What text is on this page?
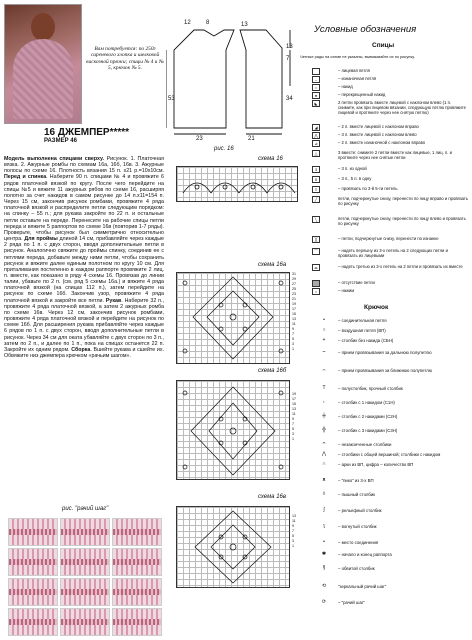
Вам потребуется: по 250г сиреневого хлопка и шелковой вискозной пряжи; спицы № 4 и № 5, крючок № 5.
16 ДЖЕМПЕР*****
РАЗМЕР 46
Модель выполнена спицами сверху. Рисунок. 1. Платочная вязка. 2. Ажурные ромбы по схемам 16а, 16б, 16в. 3. Ажурные полосы по схеме 16. Плотность вязания 15 п. х21 р.=10х10см. Перед и спинка. Наберите 90 п. спицами № 4 и провяжите 6 рядов платочной вязкой по кругу. После чего перейдите на спицы №5 и вяжите 11 ажурных рябов по схеме 16, расширяя полотно за счет накидов в самом рисунке до 14 п.х11=154 п. Через 15 см, закончив рисунок ромбами, провяжите 4 ряда платочной вязкой и распределите петли следующим порядком: на спинку – 55 п.; для рукава закройте по 22 п. и остальные петли оставьте на переде. Перенесите на рабочие спицы петли переда и вяжите 5 раппортов по схеме 16в (повторив 1-7 ряды). Проверьте, чтобы рисунок был симметрично относительно центра. Для проймы длиной 14 см, прибавляйте через каждые 2 ряда по 1 п. с двух сторон, вводя дополнительные петли в рисунок. Аналогично свяжите до проймы спинку, соединив ее с петлями переда, добавьте между ними петли, чтобы сохранить рисунок и вяжите далее единым полотном по кругу 10 см. Для приталивания постепенно в каждом раппорте провяжите 2 лиц. п. вместе, как показано в ряду 4 схемы 16. Провязав до линии талии, убавьте по 2 п. (см. ряд 5 схемы 16а.) и вяжите 4 ряда платочной вязкой (на спицах 112 п.), затем перейдите на рисунок по схеме 16б. Закончив узор, провяжите 4 ряда платочной вязкой и закройте все петли. Рукав. Наберите 32 п., провяжите 4 ряда платочной вязкой, а затем 2 ажурных ромба по схеме 16в. Через 12 см, закончив рисунок ромбами, провяжите 4 ряда платочной вязкой и перейдите на рисунок по схеме 16б. Для расширения рукава прибавляйте через каждые 6 рядов по 1 п. с двух сторон, вводя дополнительные петли в рисунок. Через 34 см для оката убавляйте с двух сторон по 3 п., затем по 2 п., и далее по 1 п., пока на спицах останется 22 п. Закройте их одним рядом. Сборка. Вшейте рукава и сшейте их. Обвяжите низ джемпера крючком «рачьим шагом».
рис. "рачий шаг"
12	8	13
13
7
34
53
23	21
рис. 16
схема 16
схема 16а
31
29
27
25
23
21
19
17
15
13
11
9
7
5
3
1
схема 16б
19
17
15
13
11
9
7
5
3
1
схема 16в
13
11
9
7
5
3
1
Условные обозначения
Спицы
Четные ряды на схеме не указаны, вывязывайте их по рисунку.
– лицевая петля
–	– изнаночная петля
○	– накид
ᴥ	– перекрещенный накид
◣	2 петли провязать вместе лицевой с наклоном влево (1 п. снимите, как при лицевом вязании, следующую петлю провяжите лицевой и протяните через нее снятую петлю)
◢	– 2 п. вместе лицевой с наклоном вправо
⋀	– 3 п. вместе лицевой с наклоном влево
⊿	– 2 п. вместе изнаночной с наклоном вправо
△	3 вместе: снимите 2 петли вместе как лицевые, 1 лиц. п. и протяните через нее снятые петли
3	– 3 п. из одной
5	– 3 п., 5 п. в одну
≡	– провязать по 3-й 5-ти петель
╱	петли, подчеркнутые снизу, перенести по лицу вправо и провязать по рисунку
╲	петли, подчеркнутые снизу, перенести по лицу влево и провязать по рисунку
╳	– петли, подчеркнутые снизу, перенести по изнанке
⌒	– надеть перлыну из 3-х петель на 2 следующих петли и провязать их лицевыми
⌓	– надеть третью из 3-х петель на 2 петли и провязать их вместе
– отсутствие петли
•	– нажим
Крючок
•	– соединительная петля
○	– воздушная петля (ВП)
+	– столбик без накида (СБН)
⌣	– прием провязывания за дальнюю полупетлю
⌢	– прием провязывания за ближнюю полупетлю
T	– полустолбик, прочный столбик
ₜ	– столбик с 1 накидом (С1Н)
╪	– столбик с 2 накидами (С2Н)
╬	– столбик с 3 накидами (С3Н)
ᴖ	– незаконченные столбики
⋀	– столбики с общей вершиной; столбики с накидом
∩	– арки из ВП, цифра – количество ВП
ᴥ	– "пико" из 3-х ВП
◊	– пышный столбик
ʃ	– рельефный столбик
ʅ	– вогнутый столбик
•	– место соединения
✱	– начало и конец раппорта
§	– обвитой столбик
⟲	"зеркальный рачий шаг"
⟳	– "рачий шаг"
